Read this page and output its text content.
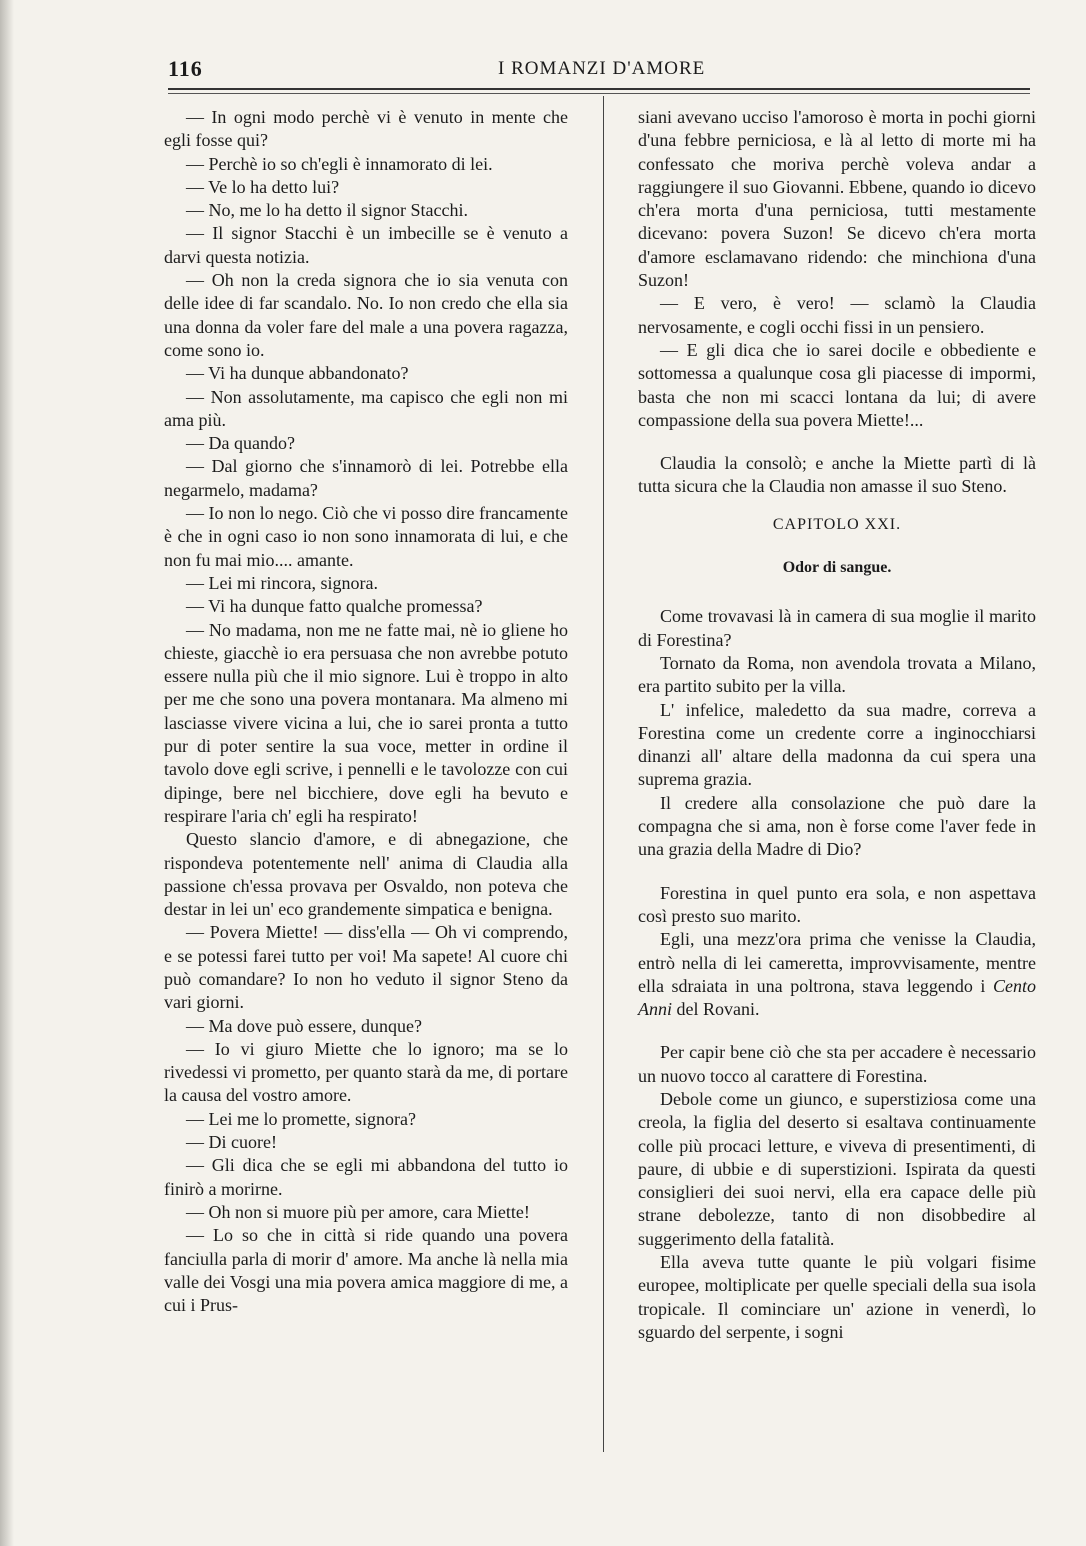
116	I ROMANZI D'AMORE

— In ogni modo perchè vi è venuto in mente che egli fosse qui?

— Perchè io so ch'egli è innamorato di lei.

— Ve lo ha detto lui?

— No, me lo ha detto il signor Stacchi.

— Il signor Stacchi è un imbecille se è venuto a darvi questa notizia.

— Oh non la creda signora che io sia venuta con delle idee di far scandalo. No. Io non credo che ella sia una donna da voler fare del male a una povera ragazza, come sono io.

— Vi ha dunque abbandonato?

— Non assolutamente, ma capisco che egli non mi ama più.

— Da quando?

— Dal giorno che s'innamorò di lei. Potrebbe ella negarmelo, madama?

— Io non lo nego. Ciò che vi posso dire francamente è che in ogni caso io non sono innamorata di lui, e che non fu mai mio.... amante.

— Lei mi rincora, signora.

— Vi ha dunque fatto qualche promessa?

— No madama, non me ne fatte mai, nè io gliene ho chieste, giacchè io era persuasa che non avrebbe potuto essere nulla più che il mio signore. Lui è troppo in alto per me che sono una povera montanara. Ma almeno mi lasciasse vivere vicina a lui, che io sarei pronta a tutto pur di poter sentire la sua voce, metter in ordine il tavolo dove egli scrive, i pennelli e le tavolozze con cui dipinge, bere nel bicchiere, dove egli ha bevuto e respirare l'aria ch' egli ha respirato!

Questo slancio d'amore, e di abnegazione, che rispondeva potentemente nell' anima di Claudia alla passione ch'essa provava per Osvaldo, non poteva che destar in lei un' eco grandemente simpatica e benigna.

— Povera Miette! — diss'ella — Oh vi comprendo, e se potessi farei tutto per voi! Ma sapete! Al cuore chi può comandare? Io non ho veduto il signor Steno da vari giorni.

— Ma dove può essere, dunque?

— Io vi giuro Miette che lo ignoro; ma se lo rivedessi vi prometto, per quanto starà da me, di portare la causa del vostro amore.

— Lei me lo promette, signora?

— Di cuore!

— Gli dica che se egli mi abbandona del tutto io finirò a morirne.

— Oh non si muore più per amore, cara Miette!

— Lo so che in città si ride quando una povera fanciulla parla di morir d' amore. Ma anche là nella mia valle dei Vosgi una mia povera amica maggiore di me, a cui i Prus-

siani avevano ucciso l'amoroso è morta in pochi giorni d'una febbre perniciosa, e là al letto di morte mi ha confessato che moriva perchè voleva andar a raggiungere il suo Giovanni. Ebbene, quando io dicevo ch'era morta d'una perniciosa, tutti mestamente dicevano: povera Suzon! Se dicevo ch'era morta d'amore esclamavano ridendo: che minchiona d'una Suzon!

— E vero, è vero! — sclamò la Claudia nervosamente, e cogli occhi fissi in un pensiero.

— E gli dica che io sarei docile e obbediente e sottomessa a qualunque cosa gli piacesse di impormi, basta che non mi scacci lontana da lui; di avere compassione della sua povera Miette!...

Claudia la consolò; e anche la Miette partì di là tutta sicura che la Claudia non amasse il suo Steno.

CAPITOLO XXI.
Odor di sangue.

Come trovavasi là in camera di sua moglie il marito di Forestina?

Tornato da Roma, non avendola trovata a Milano, era partito subito per la villa.

L' infelice, maledetto da sua madre, correva a Forestina come un credente corre a inginocchiarsi dinanzi all' altare della madonna da cui spera una suprema grazia.

Il credere alla consolazione che può dare la compagna che si ama, non è forse come l'aver fede in una grazia della Madre di Dio?

Forestina in quel punto era sola, e non aspettava così presto suo marito.

Egli, una mezz'ora prima che venisse la Claudia, entrò nella di lei cameretta, improvvisamente, mentre ella sdraiata in una poltrona, stava leggendo i Cento Anni del Rovani.

Per capir bene ciò che sta per accadere è necessario un nuovo tocco al carattere di Forestina.

Debole come un giunco, e superstiziosa come una creola, la figlia del deserto si esaltava continuamente colle più procaci letture, e viveva di presentimenti, di paure, di ubbie e di superstizioni. Ispirata da questi consiglieri dei suoi nervi, ella era capace delle più strane debolezze, tanto di non disobbedire al suggerimento della fatalità.

Ella aveva tutte quante le più volgari fisime europee, moltiplicate per quelle speciali della sua isola tropicale. Il cominciare un' azione in venerdì, lo sguardo del serpente, i sogni
